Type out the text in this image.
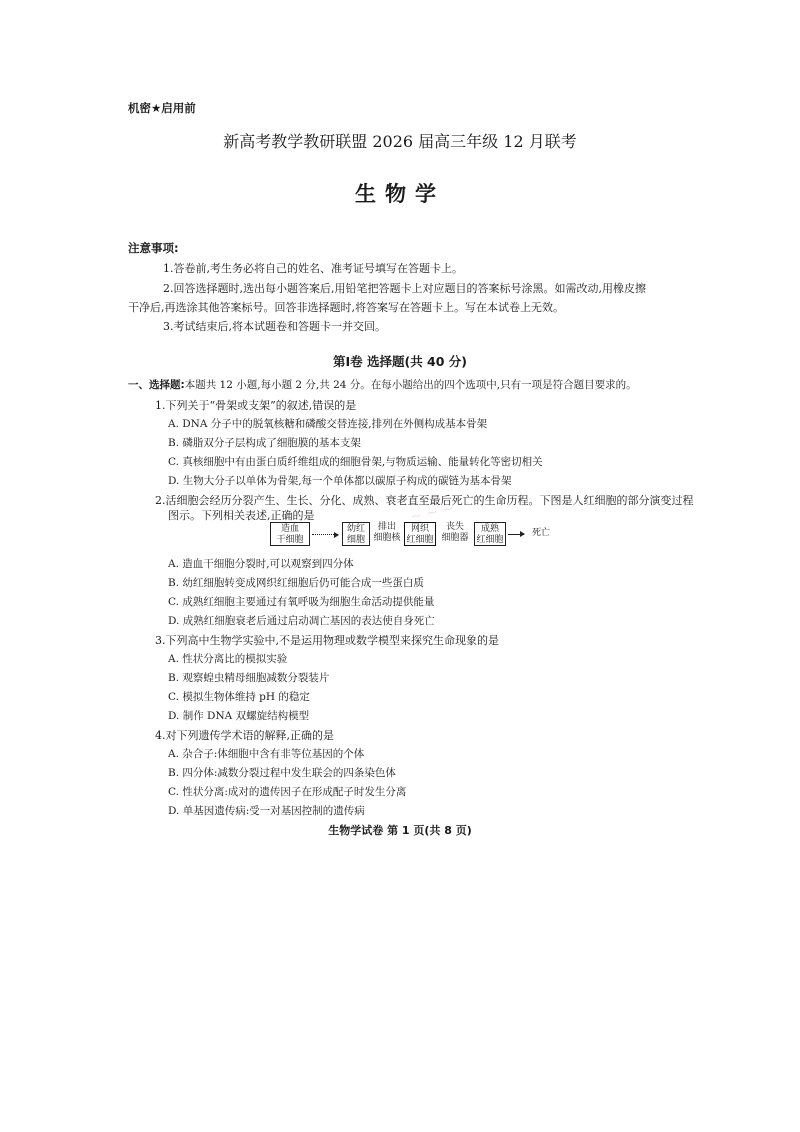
机密★启用前
新高考教学教研联盟 2026 届高三年级 12 月联考
生物学
注意事项:
1.答卷前,考生务必将自己的姓名、准考证号填写在答题卡上。
2.回答选择题时,选出每小题答案后,用铅笔把答题卡上对应题目的答案标号涂黑。如需改动,用橡皮擦
干净后,再选涂其他答案标号。回答非选择题时,将答案写在答题卡上。写在本试卷上无效。
3.考试结束后,将本试题卷和答题卡一并交回。
第Ⅰ卷 选择题(共 40 分)
一、选择题:本题共 12 小题,每小题 2 分,共 24 分。在每小题给出的四个选项中,只有一项是符合题目要求的。
1.下列关于“骨架或支架”的叙述,错误的是
A. DNA 分子中的脱氧核糖和磷酸交替连接,排列在外侧构成基本骨架
B. 磷脂双分子层构成了细胞膜的基本支架
C. 真核细胞中有由蛋白质纤维组成的细胞骨架,与物质运输、能量转化等密切相关
D. 生物大分子以单体为骨架,每一个单体都以碳原子构成的碳链为基本骨架
2.活细胞会经历分裂产生、生长、分化、成熟、衰老直至最后死亡的生命历程。下图是人红细胞的部分演变过程
图示。下列相关表述,正确的是	~ ~ ~
造血
干细胞
幼红
细胞
排出
细胞核
网织
红细胞
丧失
细胞器
成熟
红细胞
死亡
A. 造血干细胞分裂时,可以观察到四分体
B. 幼红细胞转变成网织红细胞后仍可能合成一些蛋白质
C. 成熟红细胞主要通过有氧呼吸为细胞生命活动提供能量
D. 成熟红细胞衰老后通过启动凋亡基因的表达使自身死亡
3.下列高中生物学实验中,不是运用物理或数学模型来探究生命现象的是
A. 性状分离比的模拟实验
B. 观察蝗虫精母细胞减数分裂装片
C. 模拟生物体维持 pH 的稳定
D. 制作 DNA 双螺旋结构模型
4.对下列遗传学术语的解释,正确的是
A. 杂合子:体细胞中含有非等位基因的个体
B. 四分体:减数分裂过程中发生联会的四条染色体
C. 性状分离:成对的遗传因子在形成配子时发生分离
D. 单基因遗传病:受一对基因控制的遗传病
生物学试卷 第 1 页(共 8 页)
